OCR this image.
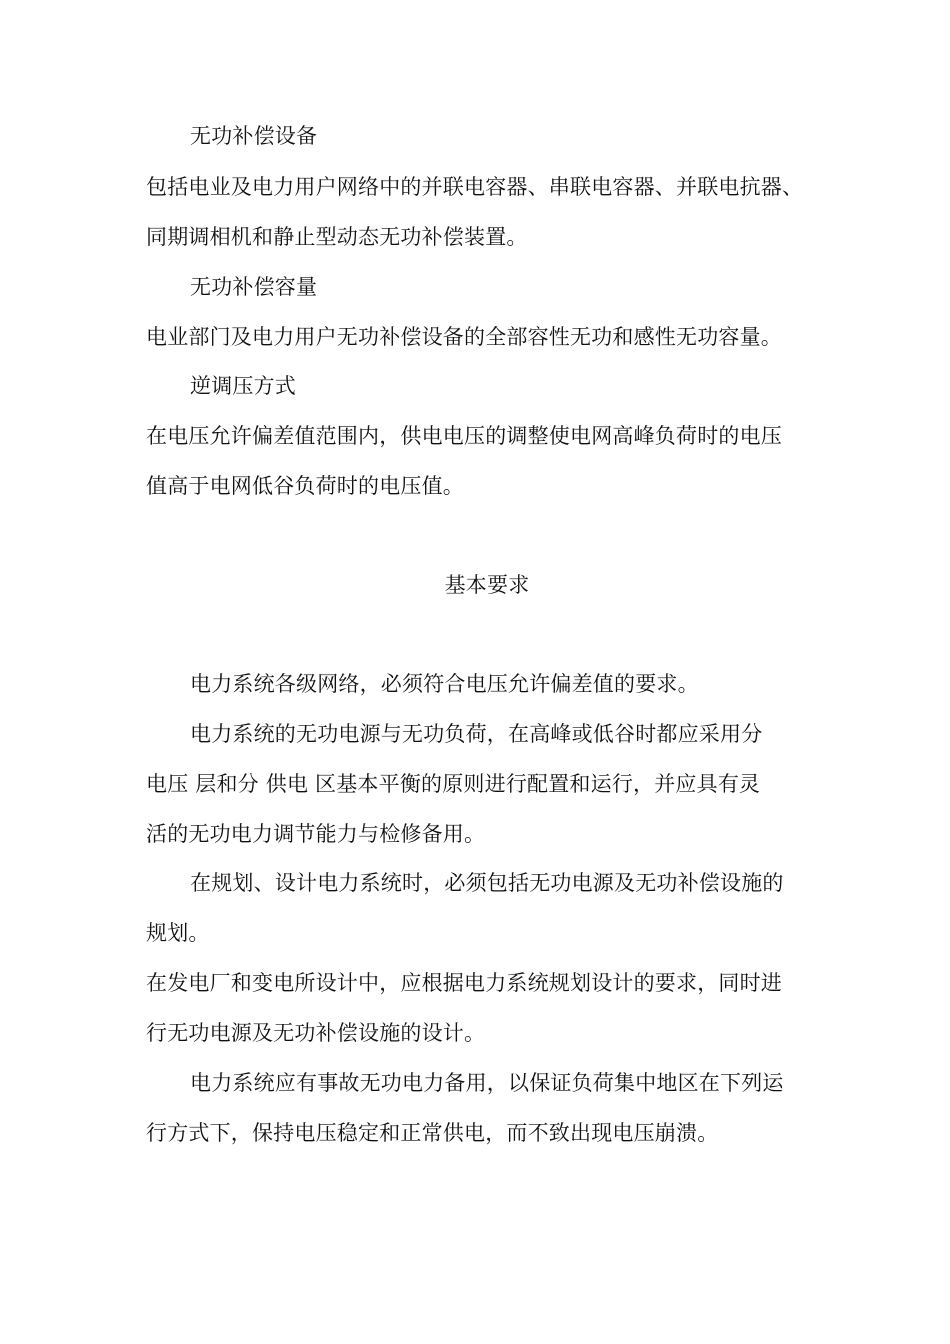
无功补偿设备
包括电业及电力用户网络中的并联电容器、串联电容器、并联电抗器、
同期调相机和静止型动态无功补偿装置。
无功补偿容量
电业部门及电力用户无功补偿设备的全部容性无功和感性无功容量。
逆调压方式
在电压允许偏差值范围内，供电电压的调整使电网高峰负荷时的电压
值高于电网低谷负荷时的电压值。
基本要求
电力系统各级网络，必须符合电压允许偏差值的要求。
电力系统的无功电源与无功负荷，在高峰或低谷时都应采用分
电压 层和分 供电 区基本平衡的原则进行配置和运行，并应具有灵
活的无功电力调节能力与检修备用。
在规划、设计电力系统时，必须包括无功电源及无功补偿设施的
规划。
在发电厂和变电所设计中，应根据电力系统规划设计的要求，同时进
行无功电源及无功补偿设施的设计。
电力系统应有事故无功电力备用，以保证负荷集中地区在下列运
行方式下，保持电压稳定和正常供电，而不致出现电压崩溃。
